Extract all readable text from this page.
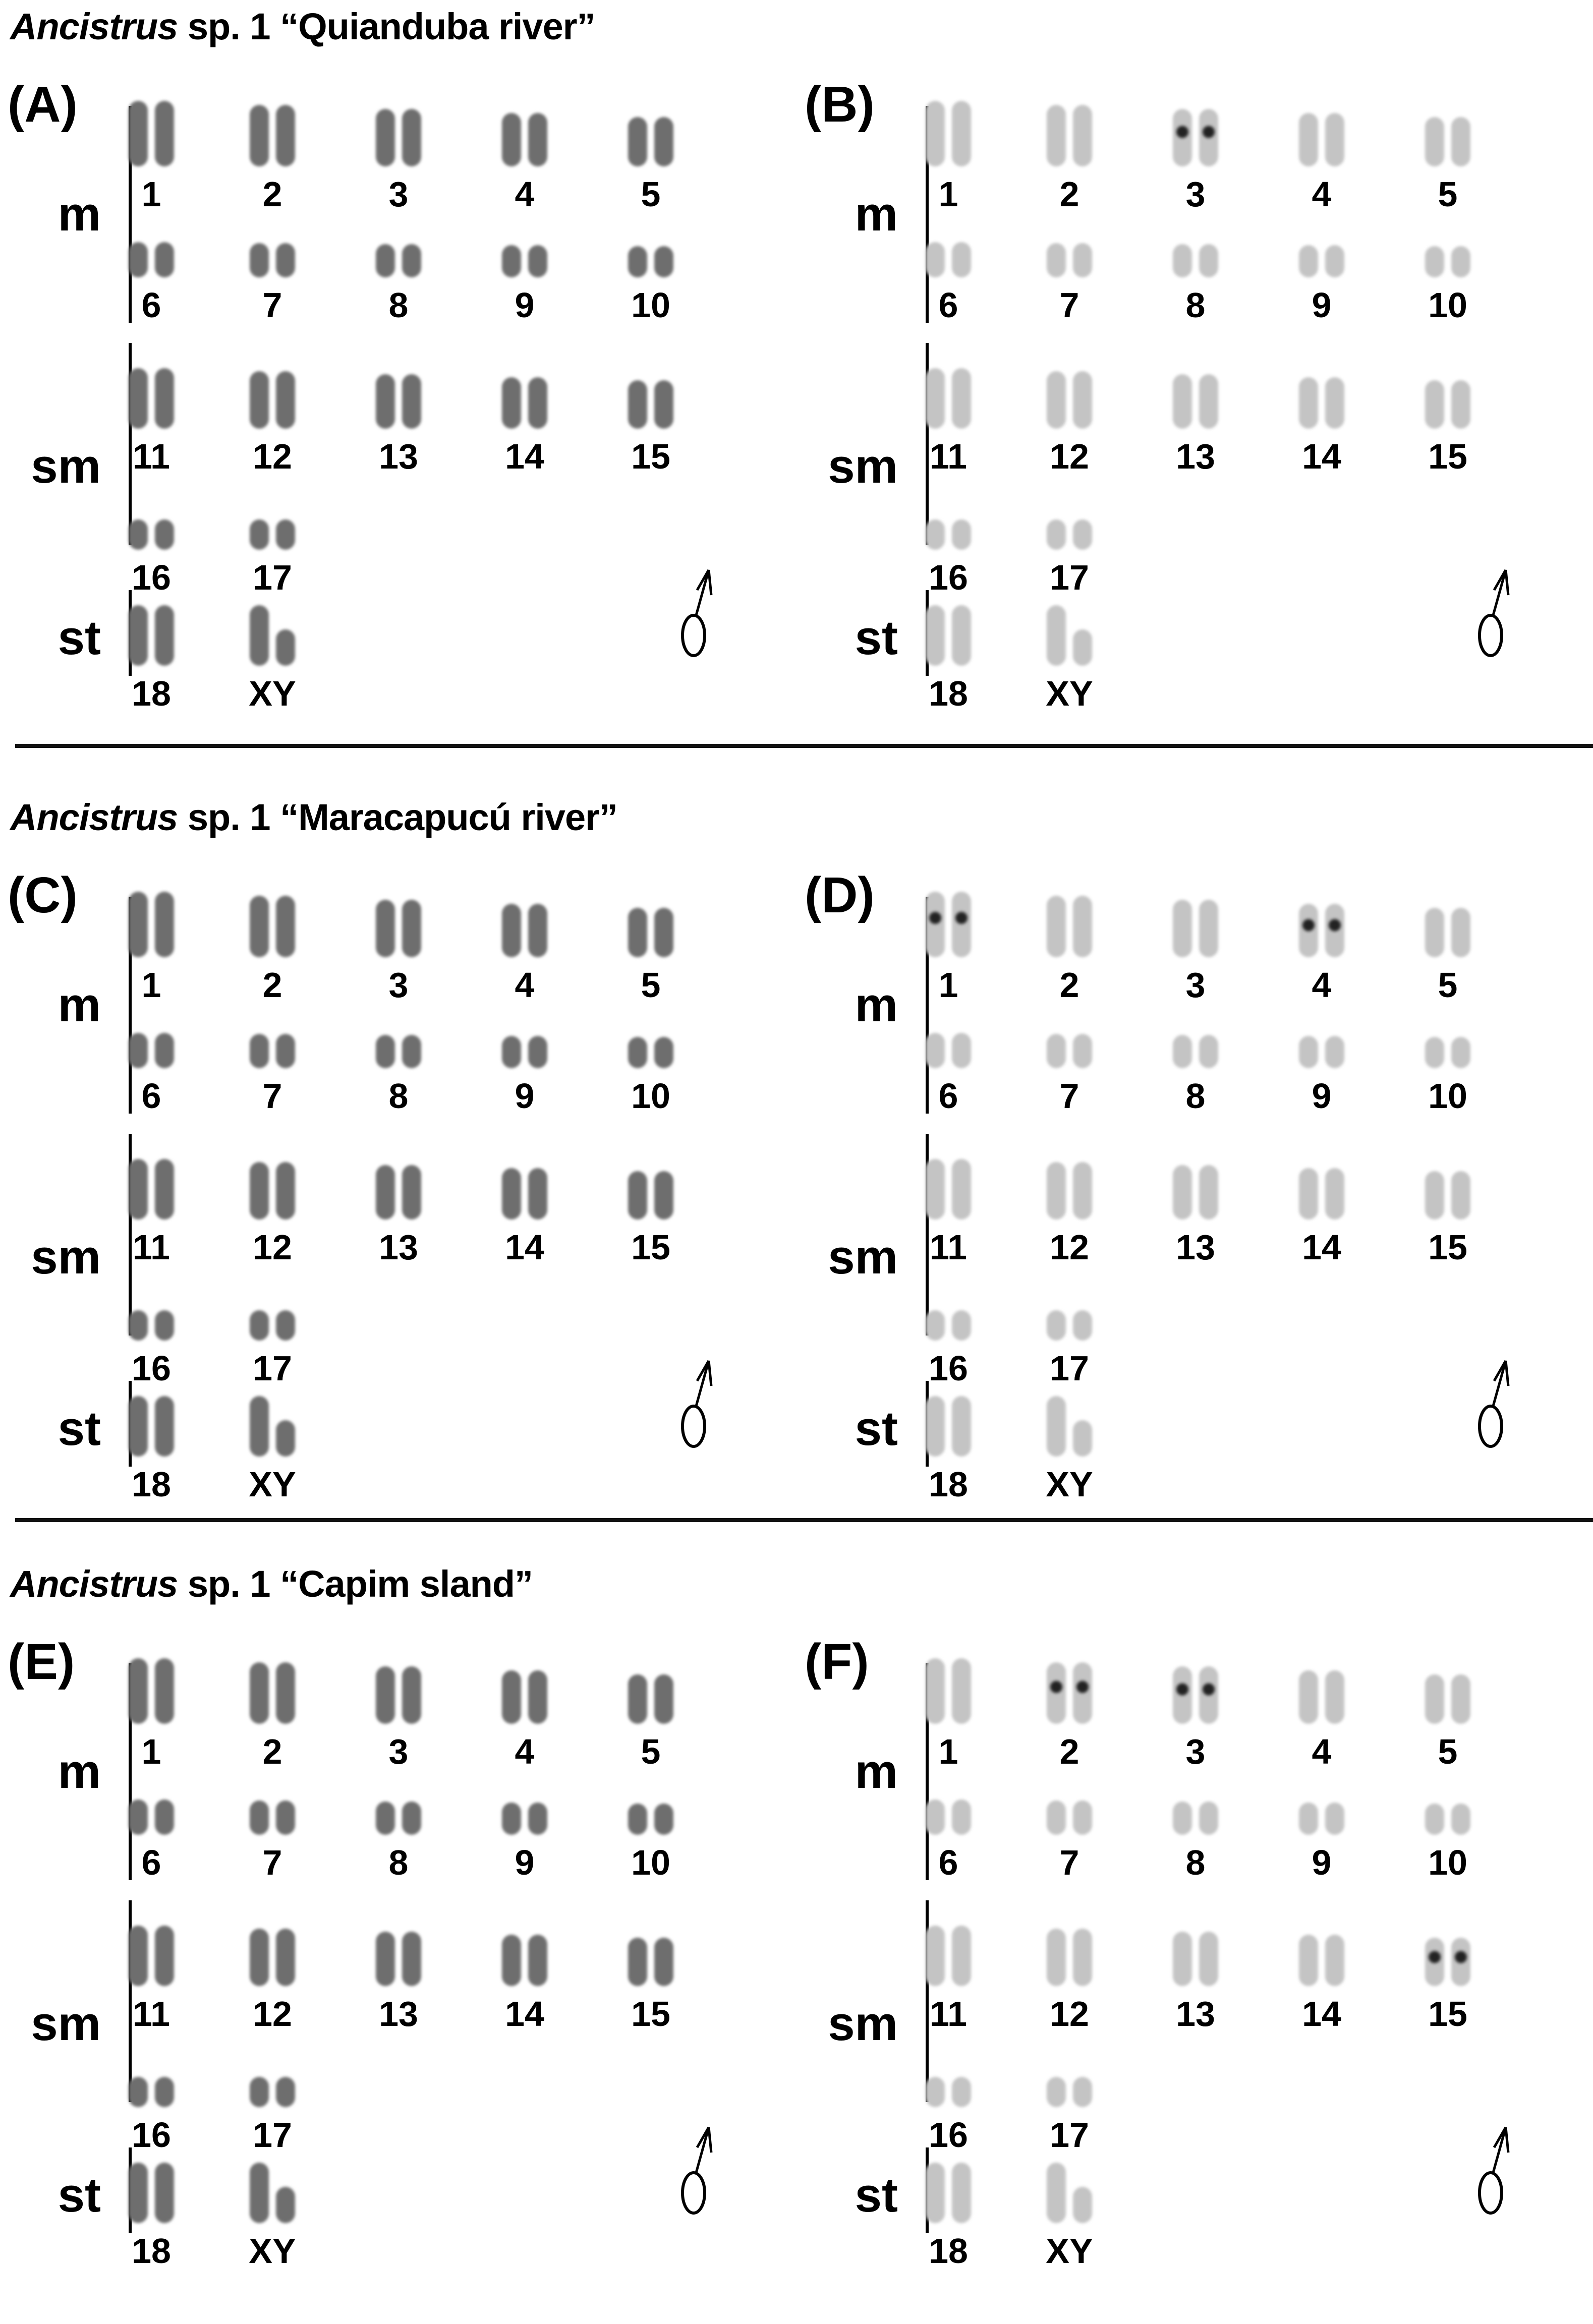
Ancistrus sp. 1 “Quianduba river”
(A)
m	1	2	3	4	5
6	7	8	9	10
sm 11	12	13	14	15
16	17
st
18	XY
(B)
m	1	2	3	4	5
6	7	8	9	10
sm 11	12	13	14	15
16	17
st
18	XY
Ancistrus sp. 1 “Maracapucú river”
(C)
m	1	2	3	4	5
6	7	8	9	10
sm 11	12	13	14	15
16	17
st
18	XY
(D)
m	1	2	3	4	5
6	7	8	9	10
sm 11	12	13	14	15
16	17
st
18	XY
Ancistrus sp. 1 “Capim sland”
(E)
m	1	2	3	4	5
6	7	8	9	10
sm 11	12	13	14	15
16	17
st
18	XY
(F)
m	1	2	3	4	5
6	7	8	9	10
sm 11	12	13	14	15
16	17
st
18	XY
